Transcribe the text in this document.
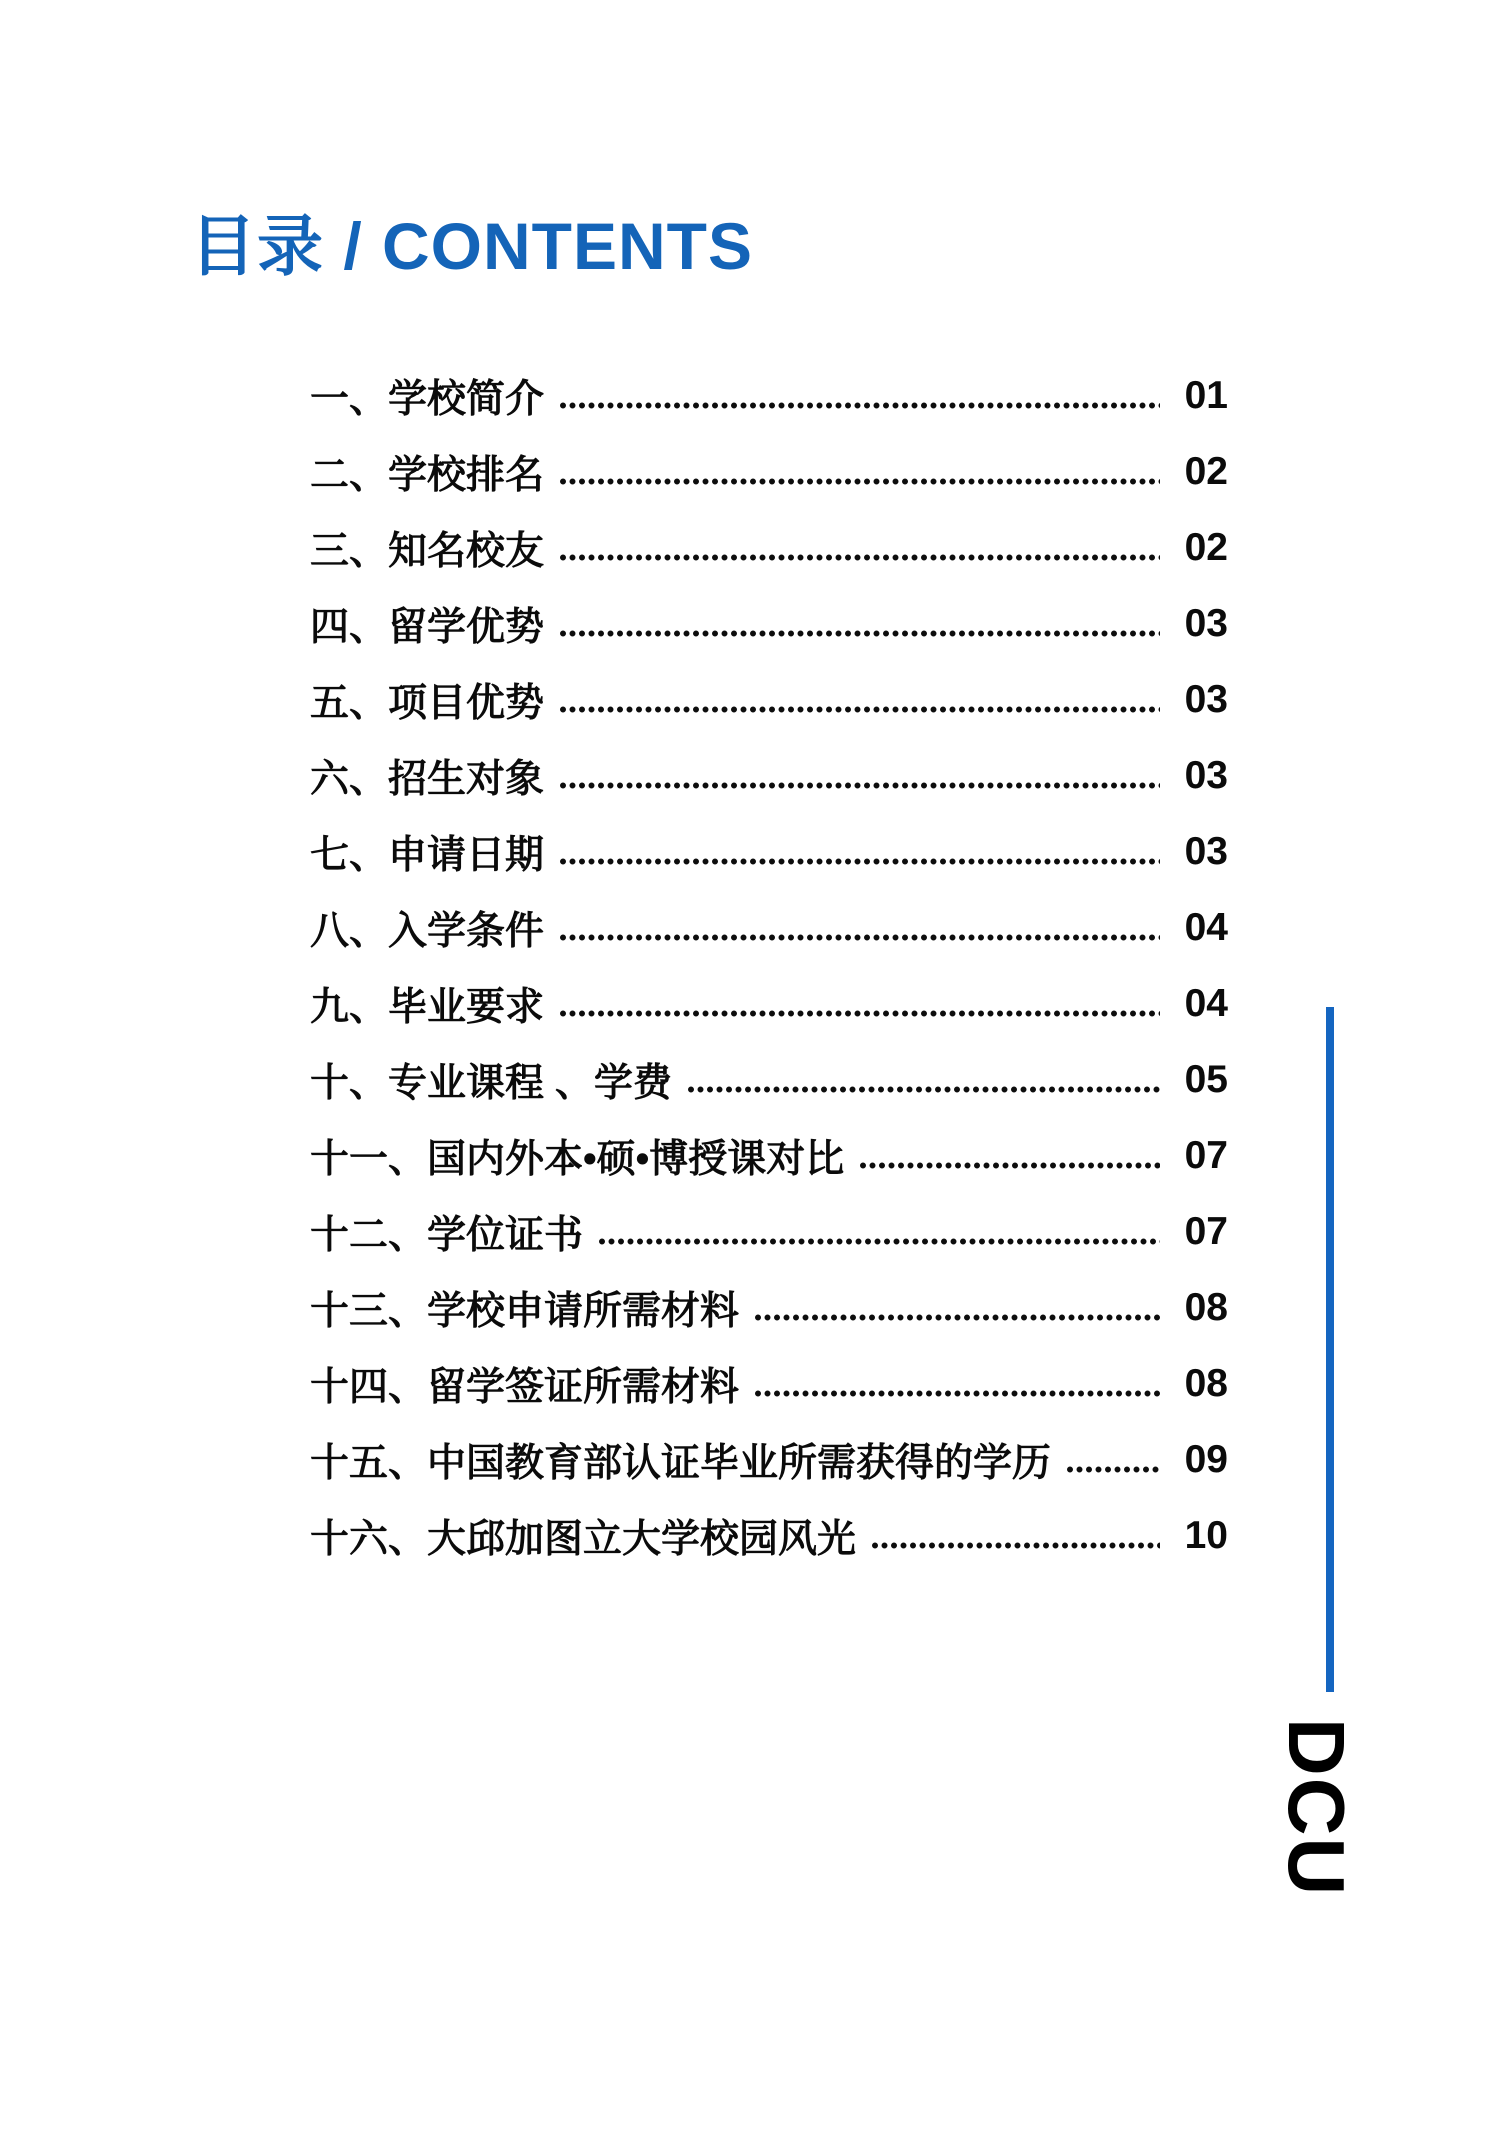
目录 / CONTENTS
一、学校简介	01
二、学校排名	02
三、知名校友	02
四、留学优势	03
五、项目优势	03
六、招生对象	03
七、申请日期	03
八、入学条件	04
九、毕业要求	04
十、专业课程 、学费	05
十一、国内外本•硕•博授课对比	07
十二、学位证书	07
十三、学校申请所需材料	08
十四、留学签证所需材料	08
十五、中国教育部认证毕业所需获得的学历	09
十六、大邱加图立大学校园风光	10
DCU
